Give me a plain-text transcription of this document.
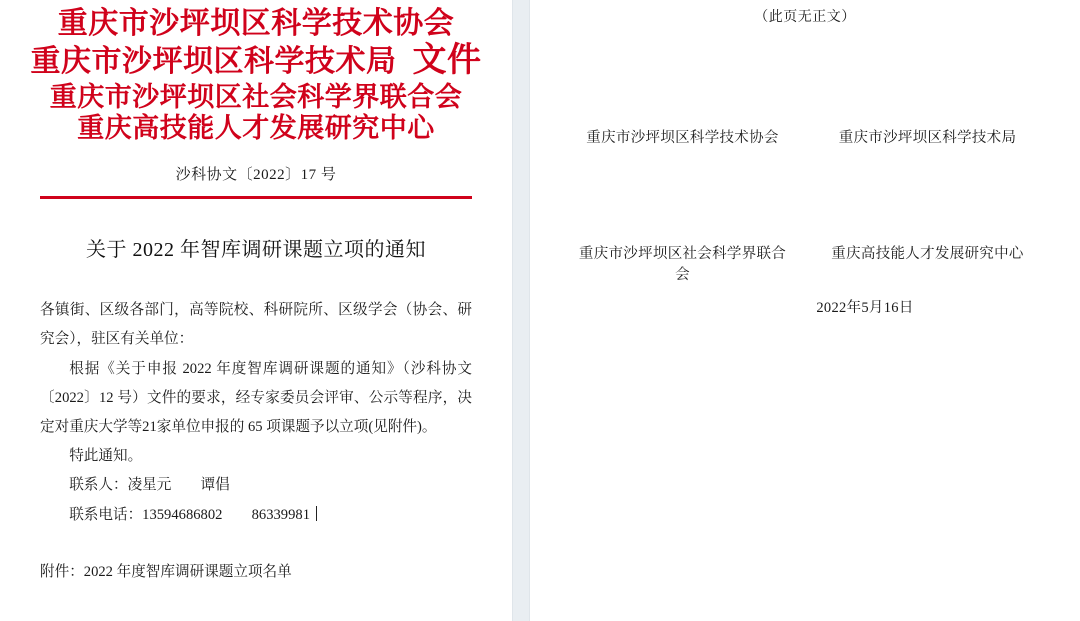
重庆市沙坪坝区科学技术协会
重庆市沙坪坝区科学技术局 文件
重庆市沙坪坝区社会科学界联合会
重庆高技能人才发展研究中心
沙科协文〔2022〕17 号
关于 2022 年智库调研课题立项的通知

各镇街、区级各部门，高等院校、科研院所、区级学会（协会、研究会），驻区有关单位：

根据《关于申报 2022 年度智库调研课题的通知》（沙科协文〔2022〕12 号）文件的要求，经专家委员会评审、公示等程序，决定对重庆大学等21家单位申报的 65 项课题予以立项(见附件)。

特此通知。

联系人：凌星元　　谭倡

联系电话：13594686802　　86339981

附件：2022 年度智库调研课题立项名单
（此页无正文）
重庆市沙坪坝区科学技术协会	重庆市沙坪坝区科学技术局
重庆市沙坪坝区社会科学界联合会
重庆高技能人才发展研究中心
2022年5月16日
